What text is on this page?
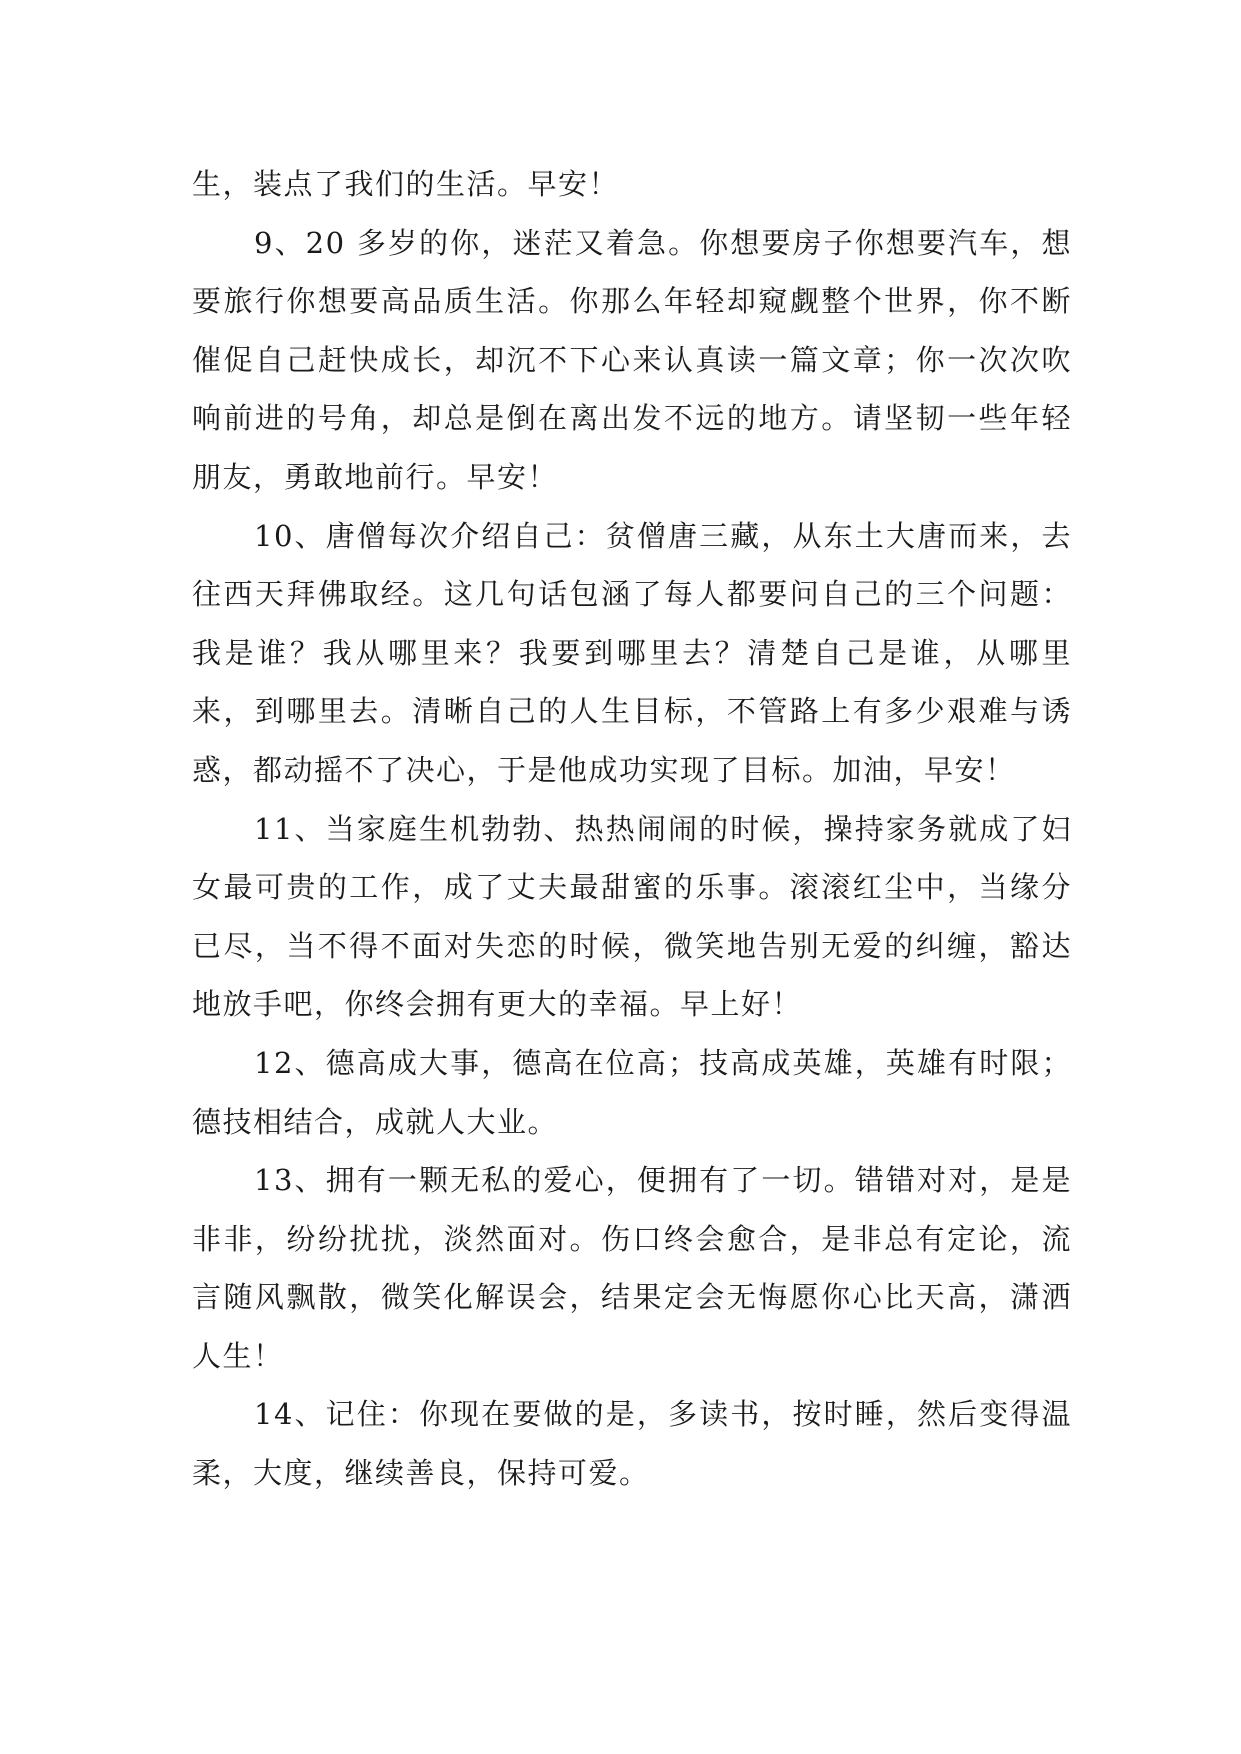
生，装点了我们的生活。早安！

9、20 多岁的你，迷茫又着急。你想要房子你想要汽车，想要旅行你想要高品质生活。你那么年轻却窥觑整个世界，你不断催促自己赶快成长，却沉不下心来认真读一篇文章；你一次次吹响前进的号角，却总是倒在离出发不远的地方。请坚韧一些年轻朋友，勇敢地前行。早安！

10、唐僧每次介绍自己：贫僧唐三藏，从东土大唐而来，去往西天拜佛取经。这几句话包涵了每人都要问自己的三个问题：我是谁？我从哪里来？我要到哪里去？清楚自己是谁，从哪里来，到哪里去。清晰自己的人生目标，不管路上有多少艰难与诱惑，都动摇不了决心，于是他成功实现了目标。加油，早安！

11、当家庭生机勃勃、热热闹闹的时候，操持家务就成了妇女最可贵的工作，成了丈夫最甜蜜的乐事。滚滚红尘中，当缘分已尽，当不得不面对失恋的时候，微笑地告别无爱的纠缠，豁达地放手吧，你终会拥有更大的幸福。早上好！

12、德高成大事，德高在位高；技高成英雄，英雄有时限；德技相结合，成就人大业。

13、拥有一颗无私的爱心，便拥有了一切。错错对对，是是非非，纷纷扰扰，淡然面对。伤口终会愈合，是非总有定论，流言随风飘散，微笑化解误会，结果定会无悔愿你心比天高，潇洒人生！

14、记住：你现在要做的是，多读书，按时睡，然后变得温柔，大度，继续善良，保持可爱。
